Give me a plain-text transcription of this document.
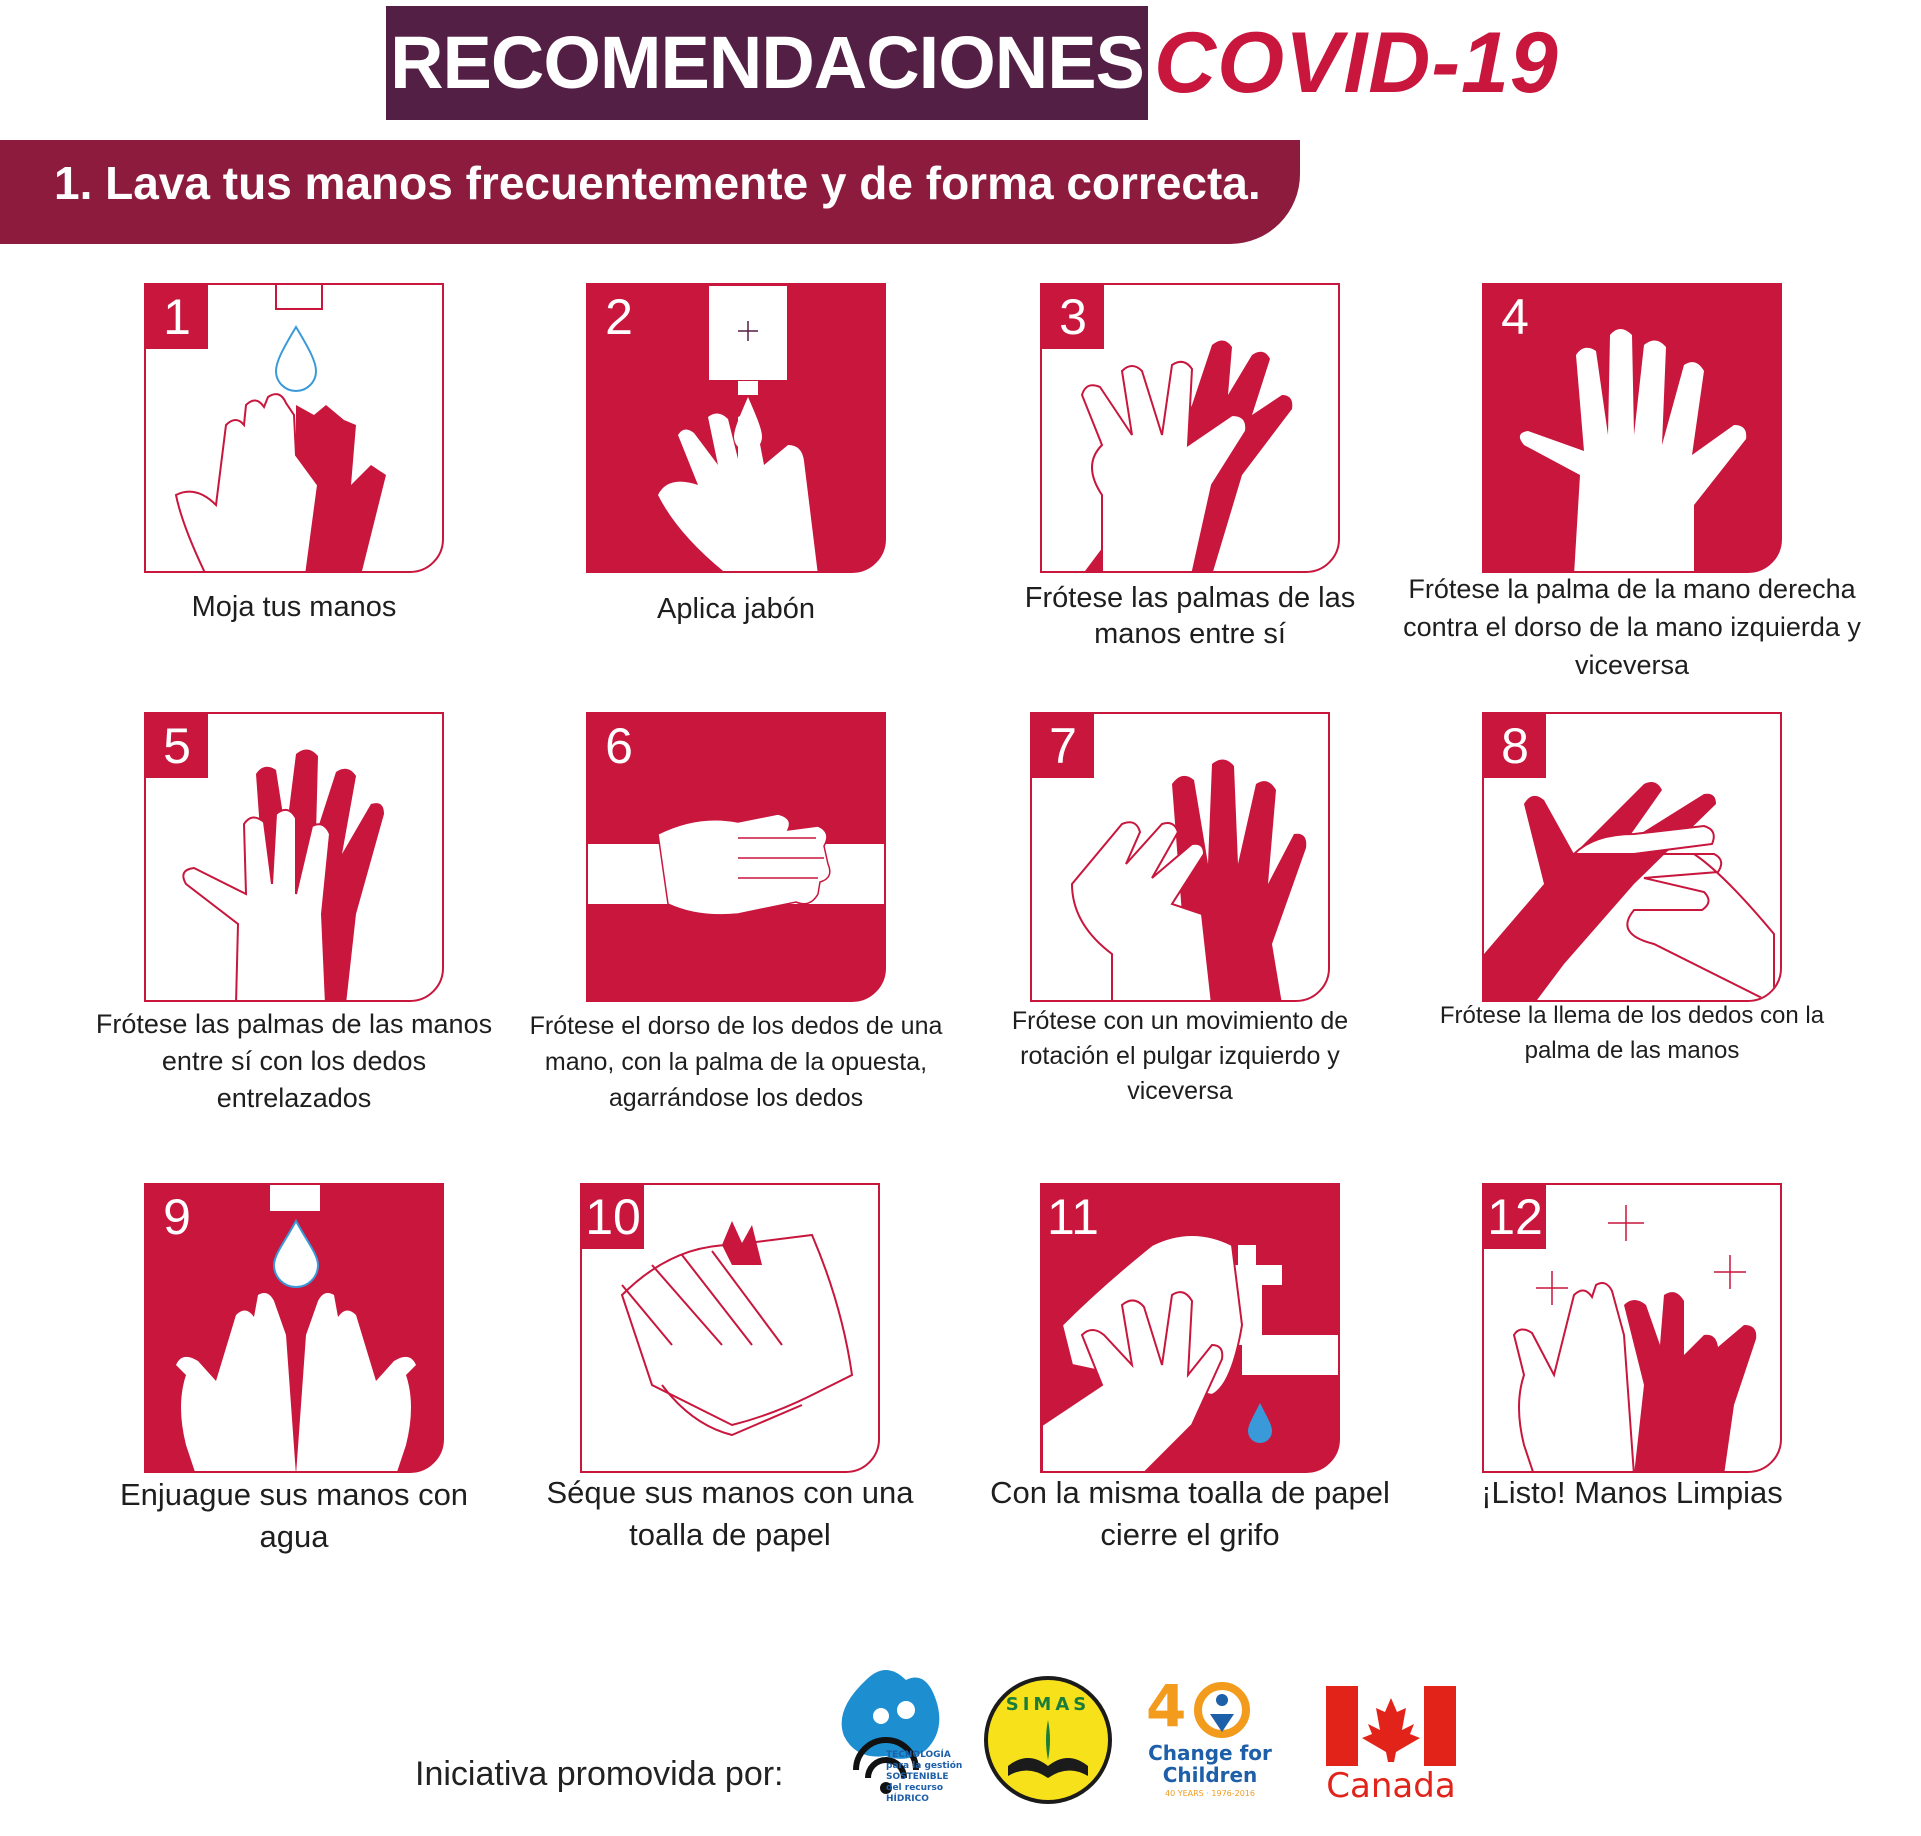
RECOMENDACIONES COVID-19
1. Lava tus manos frecuentemente y de forma correcta.
1
Moja tus manos
2
Aplica jabón
3
Frótese las palmas de las manos entre sí
4
Frótese la palma de la mano derecha contra el dorso de la mano izquierda y viceversa
5
Frótese las palmas de las manos entre sí con los dedos entrelazados
6
Frótese el dorso de los dedos de una mano, con la palma de la opuesta, agarrándose los dedos
7
Frótese con un movimiento de rotación el pulgar izquierdo y viceversa
8
Frótese la llema de los dedos con la palma de las manos
9
Enjuague sus manos con agua
10
Séque sus manos con una toalla de papel
11
Con la misma toalla de papel cierre el grifo
12
¡Listo! Manos Limpias
Iniciativa promovida por:	TECNOLOGÍA para la gestión SOSTENIBLE del recurso HÍDRICO
SIMAS 4
Change for
Children
40 YEARS · 1976-2016	Canada
